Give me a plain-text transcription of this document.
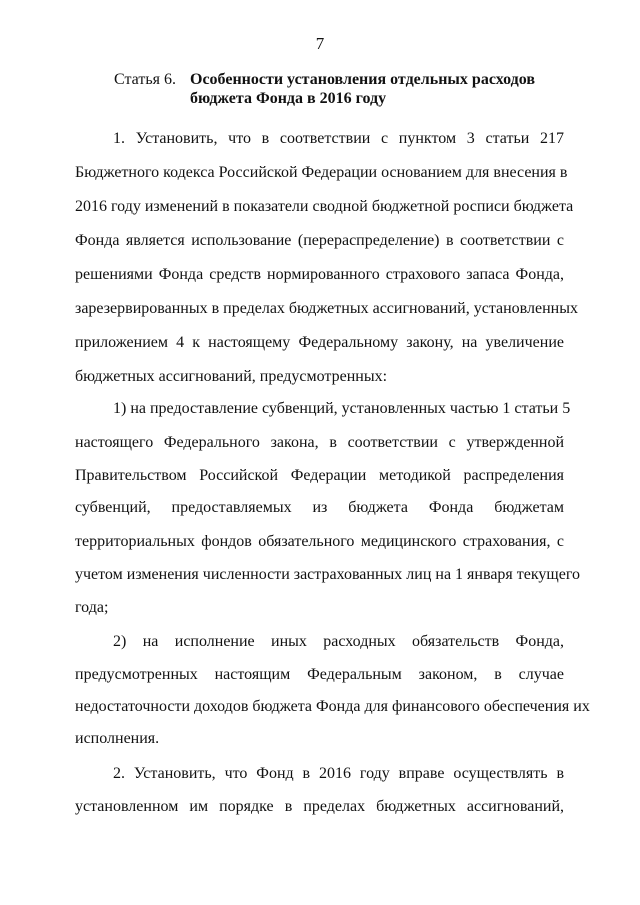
7
Статья 6. Особенности установления отдельных расходов
бюджета Фонда в 2016 году
1. Установить, что в соответствии с пунктом 3 статьи 217
Бюджетного кодекса Российской Федерации основанием для внесения в
2016 году изменений в показатели сводной бюджетной росписи бюджета
Фонда является использование (перераспределение) в соответствии с
решениями Фонда средств нормированного страхового запаса Фонда,
зарезервированных в пределах бюджетных ассигнований, установленных
приложением 4 к настоящему Федеральному закону, на увеличение
бюджетных ассигнований, предусмотренных:
1) на предоставление субвенций, установленных частью 1 статьи 5
настоящего Федерального закона, в соответствии с утвержденной
Правительством Российской Федерации методикой распределения
субвенций, предоставляемых из бюджета Фонда бюджетам
территориальных фондов обязательного медицинского страхования, с
учетом изменения численности застрахованных лиц на 1 января текущего
года;
2) на исполнение иных расходных обязательств Фонда,
предусмотренных настоящим Федеральным законом, в случае
недостаточности доходов бюджета Фонда для финансового обеспечения их
исполнения.
2. Установить, что Фонд в 2016 году вправе осуществлять в
установленном им порядке в пределах бюджетных ассигнований,
